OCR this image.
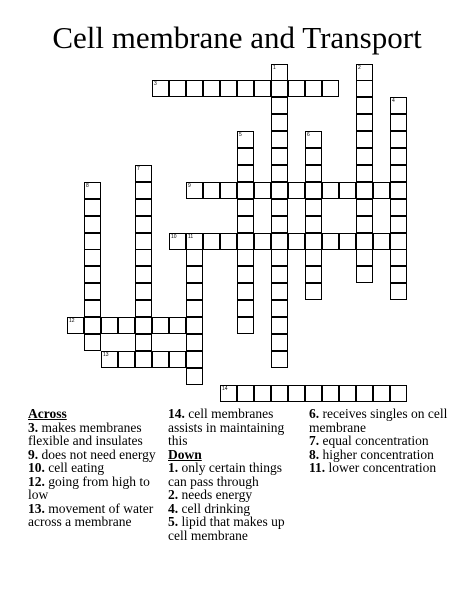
Cell membrane and Transport
1	2
3
4
5	6
7
8	9
10 11
12
13
14
Across
3. makes membranes flexible and insulates
9. does not need energy
10. cell eating
12. going from high to low
13. movement of water across a membrane
14. cell membranes assists in maintaining this
Down
1. only certain things can pass through
2. needs energy
4. cell drinking
5. lipid that makes up cell membrane
6. receives singles on cell membrane
7. equal concentration
8. higher concentration
11. lower concentration
